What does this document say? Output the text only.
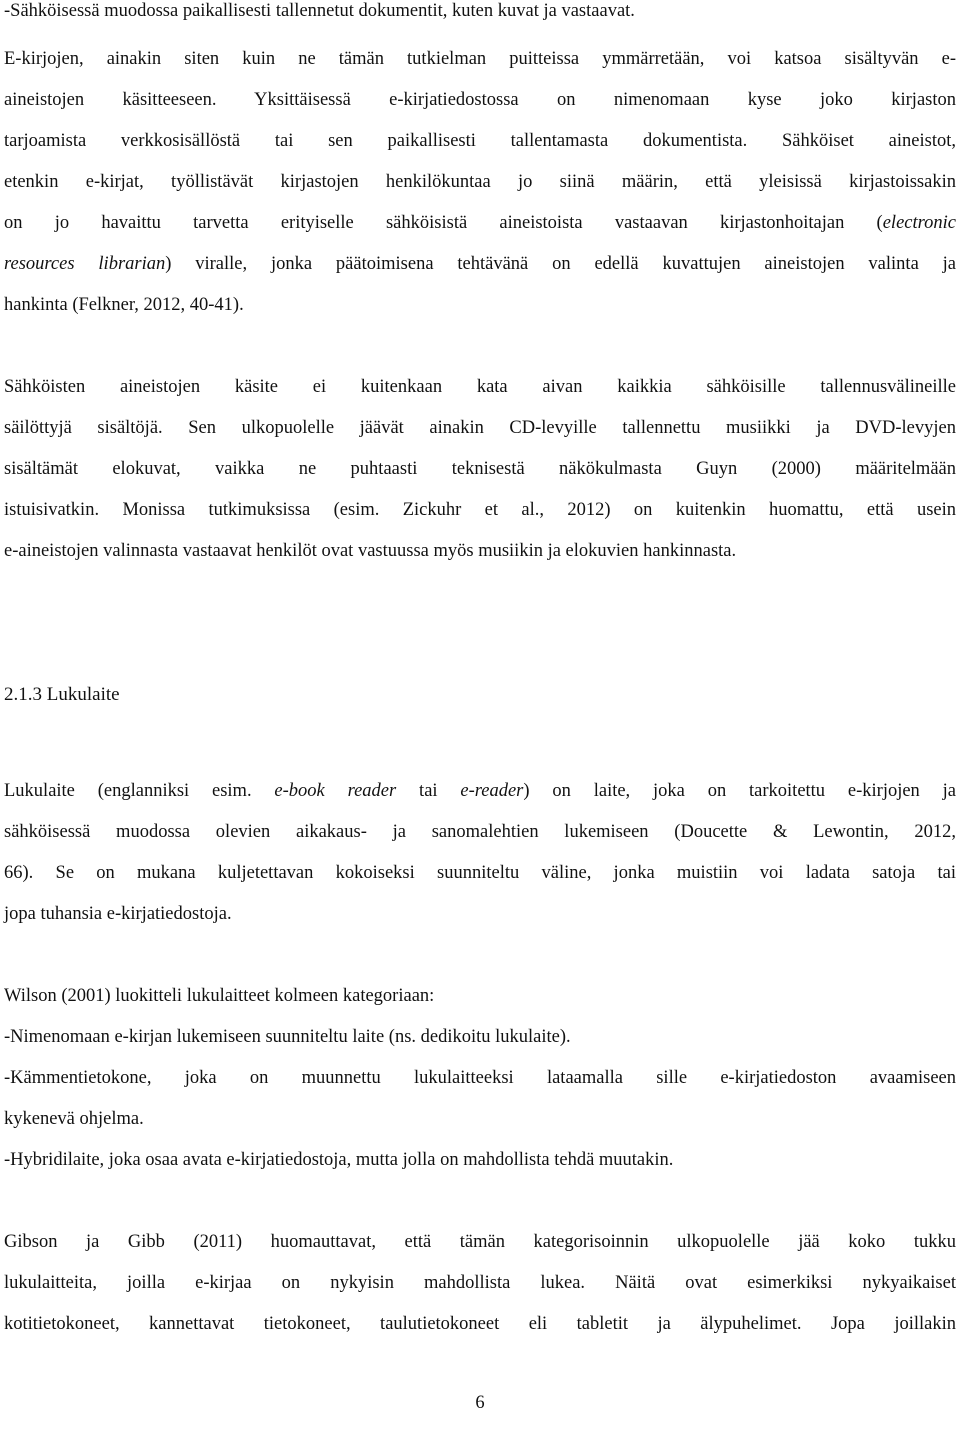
-Sähköisessä muodossa paikallisesti tallennetut dokumentit, kuten kuvat ja vastaavat.
E-kirjojen, ainakin siten kuin ne tämän tutkielman puitteissa ymmärretään, voi katsoa sisältyvän e-
aineistojen käsitteeseen. Yksittäisessä e-kirjatiedostossa on nimenomaan kyse joko kirjaston
tarjoamista verkkosisällöstä tai sen paikallisesti tallentamasta dokumentista. Sähköiset aineistot,
etenkin e-kirjat, työllistävät kirjastojen henkilökuntaa jo siinä määrin, että yleisissä kirjastoissakin
on jo havaittu tarvetta erityiselle sähköisistä aineistoista vastaavan kirjastonhoitajan (electronic
resources librarian) viralle, jonka päätoimisena tehtävänä on edellä kuvattujen aineistojen valinta ja
hankinta (Felkner, 2012, 40-41).
Sähköisten aineistojen käsite ei kuitenkaan kata aivan kaikkia sähköisille tallennusvälineille
säilöttyjä sisältöjä. Sen ulkopuolelle jäävät ainakin CD-levyille tallennettu musiikki ja DVD-levyjen
sisältämät elokuvat, vaikka ne puhtaasti teknisestä näkökulmasta Guyn (2000) määritelmään
istuisivatkin. Monissa tutkimuksissa (esim. Zickuhr et al., 2012) on kuitenkin huomattu, että usein
e-aineistojen valinnasta vastaavat henkilöt ovat vastuussa myös musiikin ja elokuvien hankinnasta.
2.1.3 Lukulaite
Lukulaite (englanniksi esim. e-book reader tai e-reader) on laite, joka on tarkoitettu e-kirjojen ja
sähköisessä muodossa olevien aikakaus- ja sanomalehtien lukemiseen (Doucette & Lewontin, 2012,
66). Se on mukana kuljetettavan kokoiseksi suunniteltu väline, jonka muistiin voi ladata satoja tai
jopa tuhansia e-kirjatiedostoja.
Wilson (2001) luokitteli lukulaitteet kolmeen kategoriaan:
-Nimenomaan e-kirjan lukemiseen suunniteltu laite (ns. dedikoitu lukulaite).
-Kämmentietokone, joka on muunnettu lukulaitteeksi lataamalla sille e-kirjatiedoston avaamiseen
kykenevä ohjelma.
-Hybridilaite, joka osaa avata e-kirjatiedostoja, mutta jolla on mahdollista tehdä muutakin.
Gibson ja Gibb (2011) huomauttavat, että tämän kategorisoinnin ulkopuolelle jää koko tukku
lukulaitteita, joilla e-kirjaa on nykyisin mahdollista lukea. Näitä ovat esimerkiksi nykyaikaiset
kotitietokoneet, kannettavat tietokoneet, taulutietokoneet eli tabletit ja älypuhelimet. Jopa joillakin
6
